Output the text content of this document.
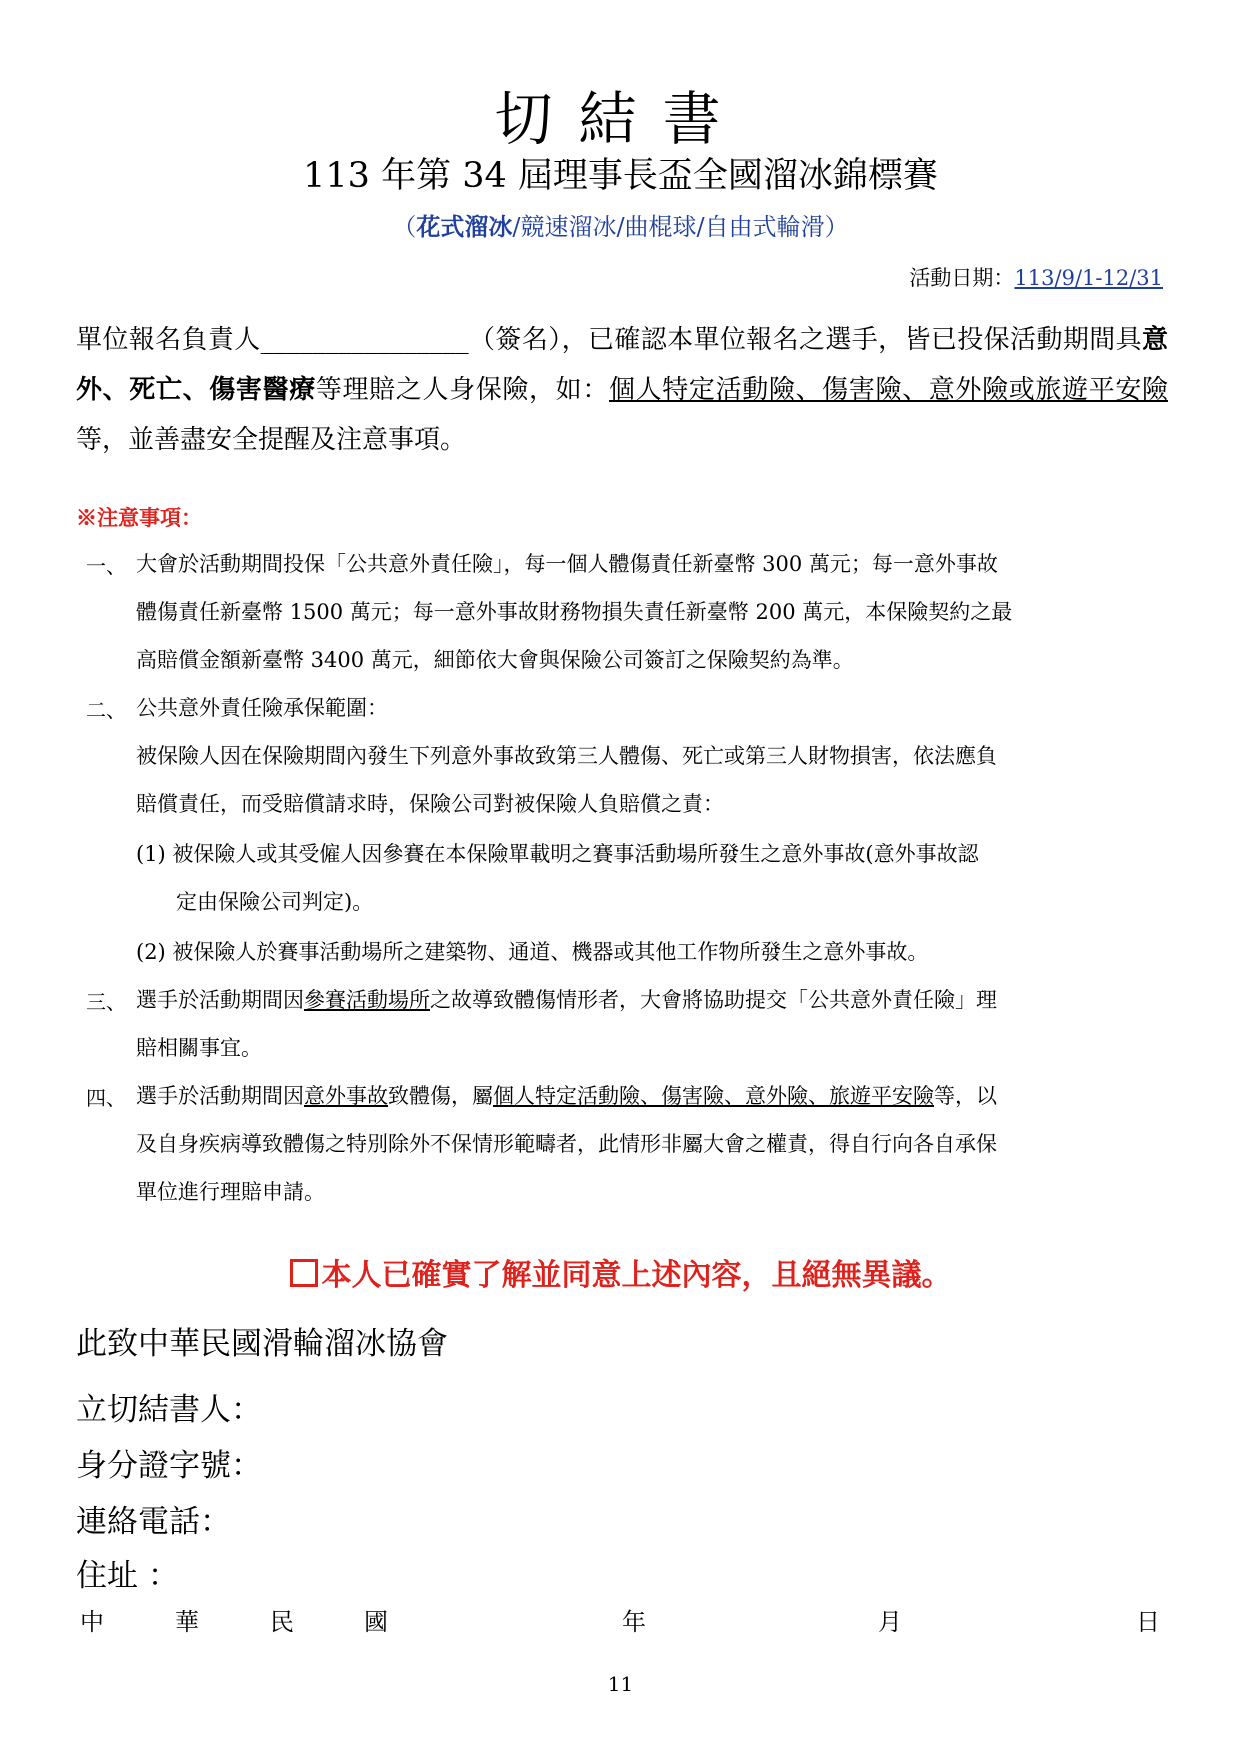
切結書
113 年第 34 屆理事長盃全國溜冰錦標賽
（花式溜冰/競速溜冰/曲棍球/自由式輪滑）
活動日期：113/9/1-12/31
單位報名負責人________________（簽名），已確認本單位報名之選手，皆已投保活動期間具意外、死亡、傷害醫療等理賠之人身保險，如：個人特定活動險、傷害險、意外險或旅遊平安險等，並善盡安全提醒及注意事項。
※注意事項：
一、 大會於活動期間投保「公共意外責任險」，每一個人體傷責任新臺幣 300 萬元；每一意外事故
體傷責任新臺幣 1500 萬元；每一意外事故財務物損失責任新臺幣 200 萬元，本保險契約之最
高賠償金額新臺幣 3400 萬元，細節依大會與保險公司簽訂之保險契約為準。
二、 公共意外責任險承保範圍：
被保險人因在保險期間內發生下列意外事故致第三人體傷、死亡或第三人財物損害，依法應負
賠償責任，而受賠償請求時，保險公司對被保險人負賠償之責：
(1) 被保險人或其受僱人因參賽在本保險單載明之賽事活動場所發生之意外事故(意外事故認
定由保險公司判定)。
(2) 被保險人於賽事活動場所之建築物、通道、機器或其他工作物所發生之意外事故。
三、 選手於活動期間因參賽活動場所之故導致體傷情形者，大會將協助提交「公共意外責任險」理
賠相關事宜。
四、 選手於活動期間因意外事故致體傷，屬個人特定活動險、傷害險、意外險、旅遊平安險等，以
及自身疾病導致體傷之特別除外不保情形範疇者，此情形非屬大會之權責，得自行向各自承保
單位進行理賠申請。
本人已確實了解並同意上述內容，且絕無異議。
此致中華民國滑輪溜冰協會
立切結書人：
身分證字號：
連絡電話：
住址 ：
中	華	民	國	年	月	日
11
